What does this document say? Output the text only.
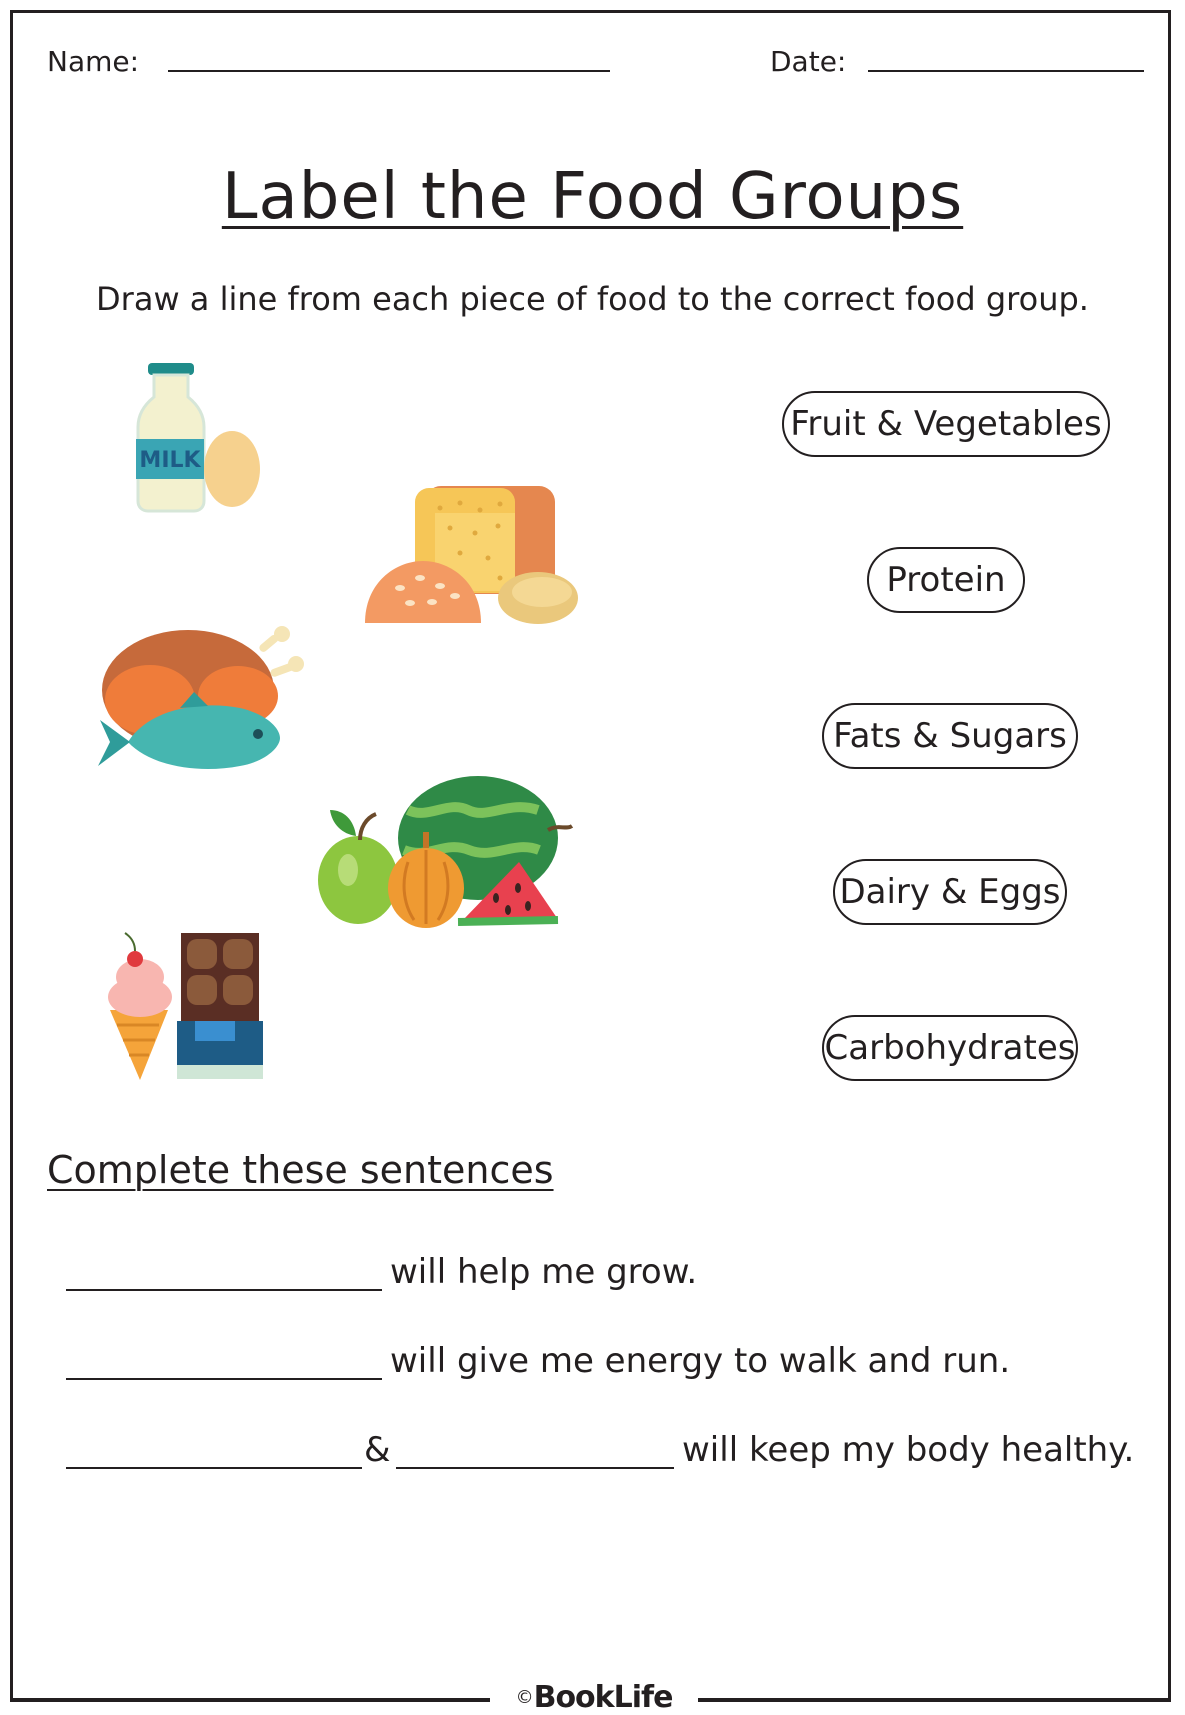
Name:	Date:
Label the Food Groups
Draw a line from each piece of food to the correct food group.
MILK
Fruit & Vegetables
Protein
Fats & Sugars
Dairy & Eggs
Carbohydrates
Complete these sentences
will help me grow.
will give me energy to walk and run.
&	will keep my body healthy.
©BookLife
